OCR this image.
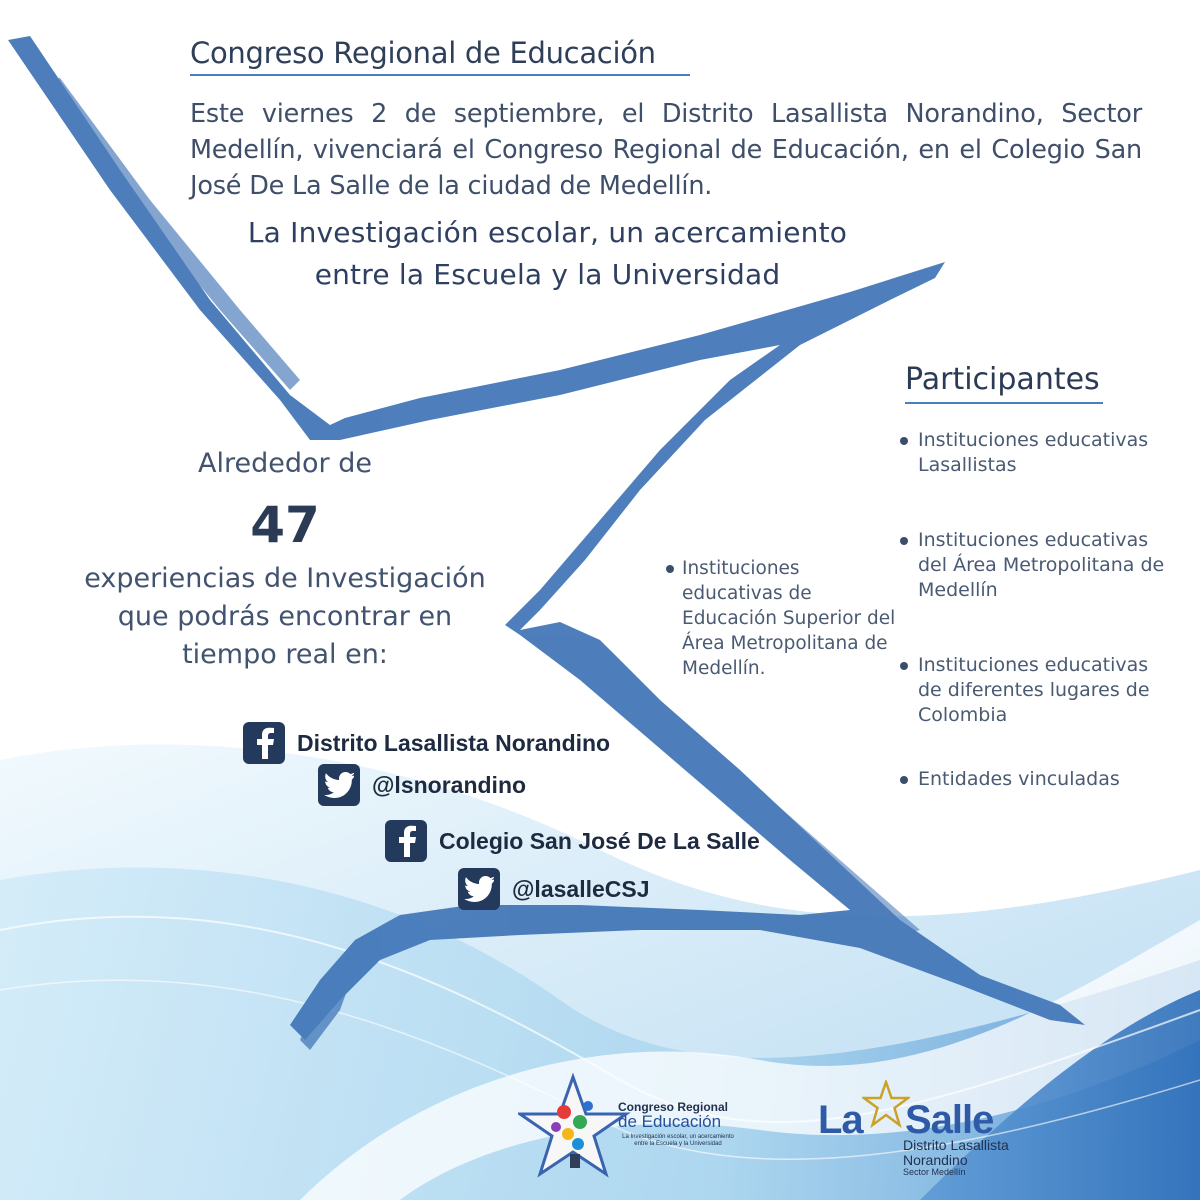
Congreso Regional de Educación
Este viernes 2 de septiembre, el Distrito Lasallista Norandino, Sector Medellín, vivenciará el Congreso Regional de Educación, en el Colegio San José De La Salle de la ciudad de Medellín.
La Investigación escolar, un acercamiento
entre la Escuela y la Universidad
Alrededor de
47
experiencias de Investigación
que podrás encontrar en
tiempo real en:
Distrito Lasallista Norandino
@lsnorandino
Colegio San José De La Salle
@lasalleCSJ
Participantes
Instituciones educativas Lasallistas
Instituciones educativas del Área Metropolitana de Medellín
Instituciones educativas de diferentes lugares de Colombia
Entidades vinculadas
Instituciones educativas de Educación Superior del Área Metropolitana de Medellín.
Congreso Regional
de Educación
La Investigación escolar, un acercamiento entre la Escuela y la Universidad
La Salle
Distrito Lasallista
Norandino
Sector Medellín
